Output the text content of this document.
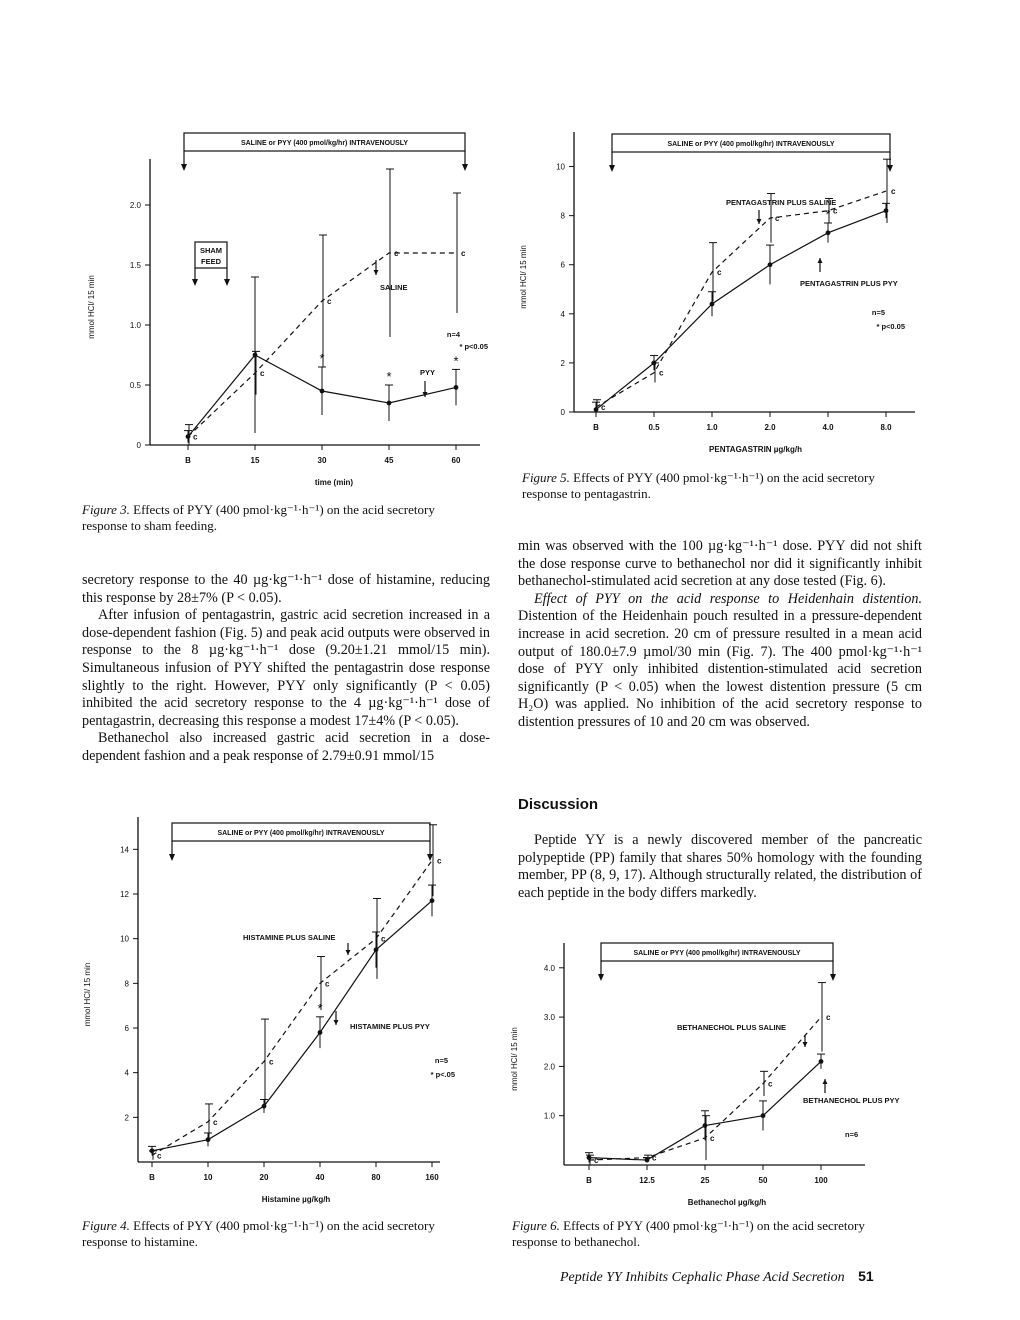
0
0.5
1.0
1.5
2.0
B	15	30	45	60
time (min)
mmol HCl/ 15 min
SALINE or PYY (400 pmol/kg/hr) INTRAVENOUSLY
c
c
c
c	c
*
*
*
SALINE
PYY
n=4
* p<0.05
SHAM
FEED
Figure 3. Effects of PYY (400 pmol·kg⁻¹·h⁻¹) on the acid secretory response to sham feeding.
0
2
4
6
8
10
B	0.5	1.0	2.0	4.0	8.0
PENTAGASTRIN µg/kg/h
mmol HCl/ 15 min
SALINE or PYY (400 pmol/kg/hr) INTRAVENOUSLY
c
c
c
c
c
c
*
PENTAGASTRIN PLUS SALINE
PENTAGASTRIN PLUS PYY
n=5
* p<0.05
Figure 5. Effects of PYY (400 pmol·kg⁻¹·h⁻¹) on the acid secretory response to pentagastrin.

secretory response to the 40 µg·kg⁻¹·h⁻¹ dose of histamine, reducing this response by 28±7% (P < 0.05).

After infusion of pentagastrin, gastric acid secretion increased in a dose-dependent fashion (Fig. 5) and peak acid outputs were observed in response to the 8 µg·kg⁻¹·h⁻¹ dose (9.20±1.21 mmol/15 min). Simultaneous infusion of PYY shifted the pentagastrin dose response slightly to the right. However, PYY only significantly (P < 0.05) inhibited the acid secretory response to the 4 µg·kg⁻¹·h⁻¹ dose of pentagastrin, decreasing this response a modest 17±4% (P < 0.05).

Bethanechol also increased gastric acid secretion in a dose-dependent fashion and a peak response of 2.79±0.91 mmol/15

min was observed with the 100 µg·kg⁻¹·h⁻¹ dose. PYY did not shift the dose response curve to bethanechol nor did it significantly inhibit bethanechol-stimulated acid secretion at any dose tested (Fig. 6).

Effect of PYY on the acid response to Heidenhain distention. Distention of the Heidenhain pouch resulted in a pressure-dependent increase in acid secretion. 20 cm of pressure resulted in a mean acid output of 180.0±7.9 µmol/30 min (Fig. 7). The 400 pmol·kg⁻¹·h⁻¹ dose of PYY only inhibited distention-stimulated acid secretion significantly (P < 0.05) when the lowest distention pressure (5 cm H₂O) was applied. No inhibition of the acid secretory response to distention pressures of 10 and 20 cm was observed.

Discussion

Peptide YY is a newly discovered member of the pancreatic polypeptide (PP) family that shares 50% homology with the founding member, PP (8, 9, 17). Although structurally related, the distribution of each peptide in the body differs markedly.

2
4
6
8
10
12
14
B	10	20	40	80	160
Histamine µg/kg/h
mmol HCl/ 15 min
SALINE or PYY (400 pmol/kg/hr) INTRAVENOUSLY
c
c
c
c
c
c
*
HISTAMINE PLUS SALINE
HISTAMINE PLUS PYY
n=5
* p<.05
Figure 4. Effects of PYY (400 pmol·kg⁻¹·h⁻¹) on the acid secretory response to histamine.
1.0
2.0
3.0
4.0
B	12.5	25	50	100
Bethanechol µg/kg/h
mmol HCl/ 15 min
SALINE or PYY (400 pmol/kg/hr) INTRAVENOUSLY
c	c
c
c
c
BETHANECHOL PLUS SALINE
BETHANECHOL PLUS PYY
n=6
Figure 6. Effects of PYY (400 pmol·kg⁻¹·h⁻¹) on the acid secretory response to bethanechol.
Peptide YY Inhibits Cephalic Phase Acid Secretion 51
